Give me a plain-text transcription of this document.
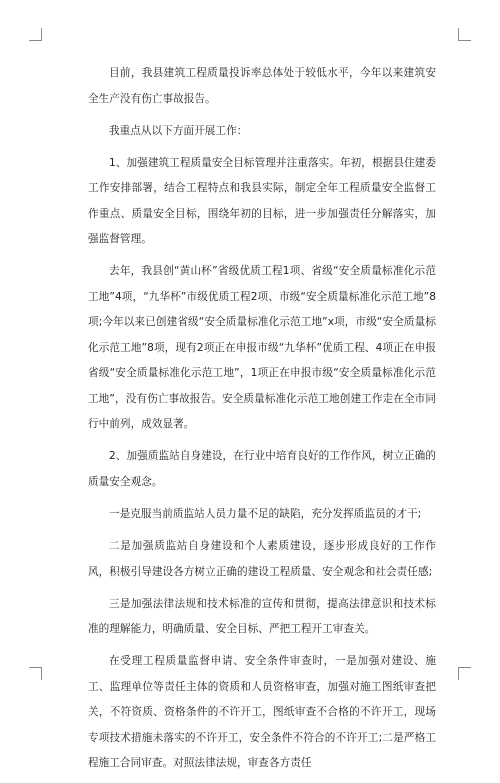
目前，我县建筑工程质量投诉率总体处于较低水平，今年以来建筑安全生产没有伤亡事故报告。

我重点从以下方面开展工作：

1、加强建筑工程质量安全目标管理并注重落实。年初，根据县住建委工作安排部署，结合工程特点和我县实际，制定全年工程质量安全监督工作重点、质量安全目标，围绕年初的目标，进一步加强责任分解落实，加强监督管理。

去年，我县创“黄山杯”省级优质工程1项、省级“安全质量标准化示范工地”4项，“九华杯”市级优质工程2项、市级“安全质量标准化示范工地”8项;今年以来已创建省级“安全质量标准化示范工地”x项，市级“安全质量标化示范工地”8项，现有2项正在申报市级“九华杯”优质工程、4项正在申报省级“安全质量标准化示范工地”，1项正在申报市级“安全质量标准化示范工地”，没有伤亡事故报告。安全质量标准化示范工地创建工作走在全市同行中前列，成效显著。

2、加强质监站自身建设，在行业中培育良好的工作作风，树立正确的质量安全观念。

一是克服当前质监站人员力量不足的缺陷，充分发挥质监员的才干;

二是加强质监站自身建设和个人素质建设，逐步形成良好的工作作风，积极引导建设各方树立正确的建设工程质量、安全观念和社会责任感;

三是加强法律法规和技术标准的宣传和贯彻，提高法律意识和技术标准的理解能力，明确质量、安全目标、严把工程开工审查关。

在受理工程质量监督申请、安全条件审查时，一是加强对建设、施工、监理单位等责任主体的资质和人员资格审查，加强对施工图纸审查把关，不符资质、资格条件的不许开工，图纸审查不合格的不许开工，现场专项技术措施未落实的不许开工，安全条件不符合的不许开工;二是严格工程施工合同审查。对照法律法规，审查各方责任
